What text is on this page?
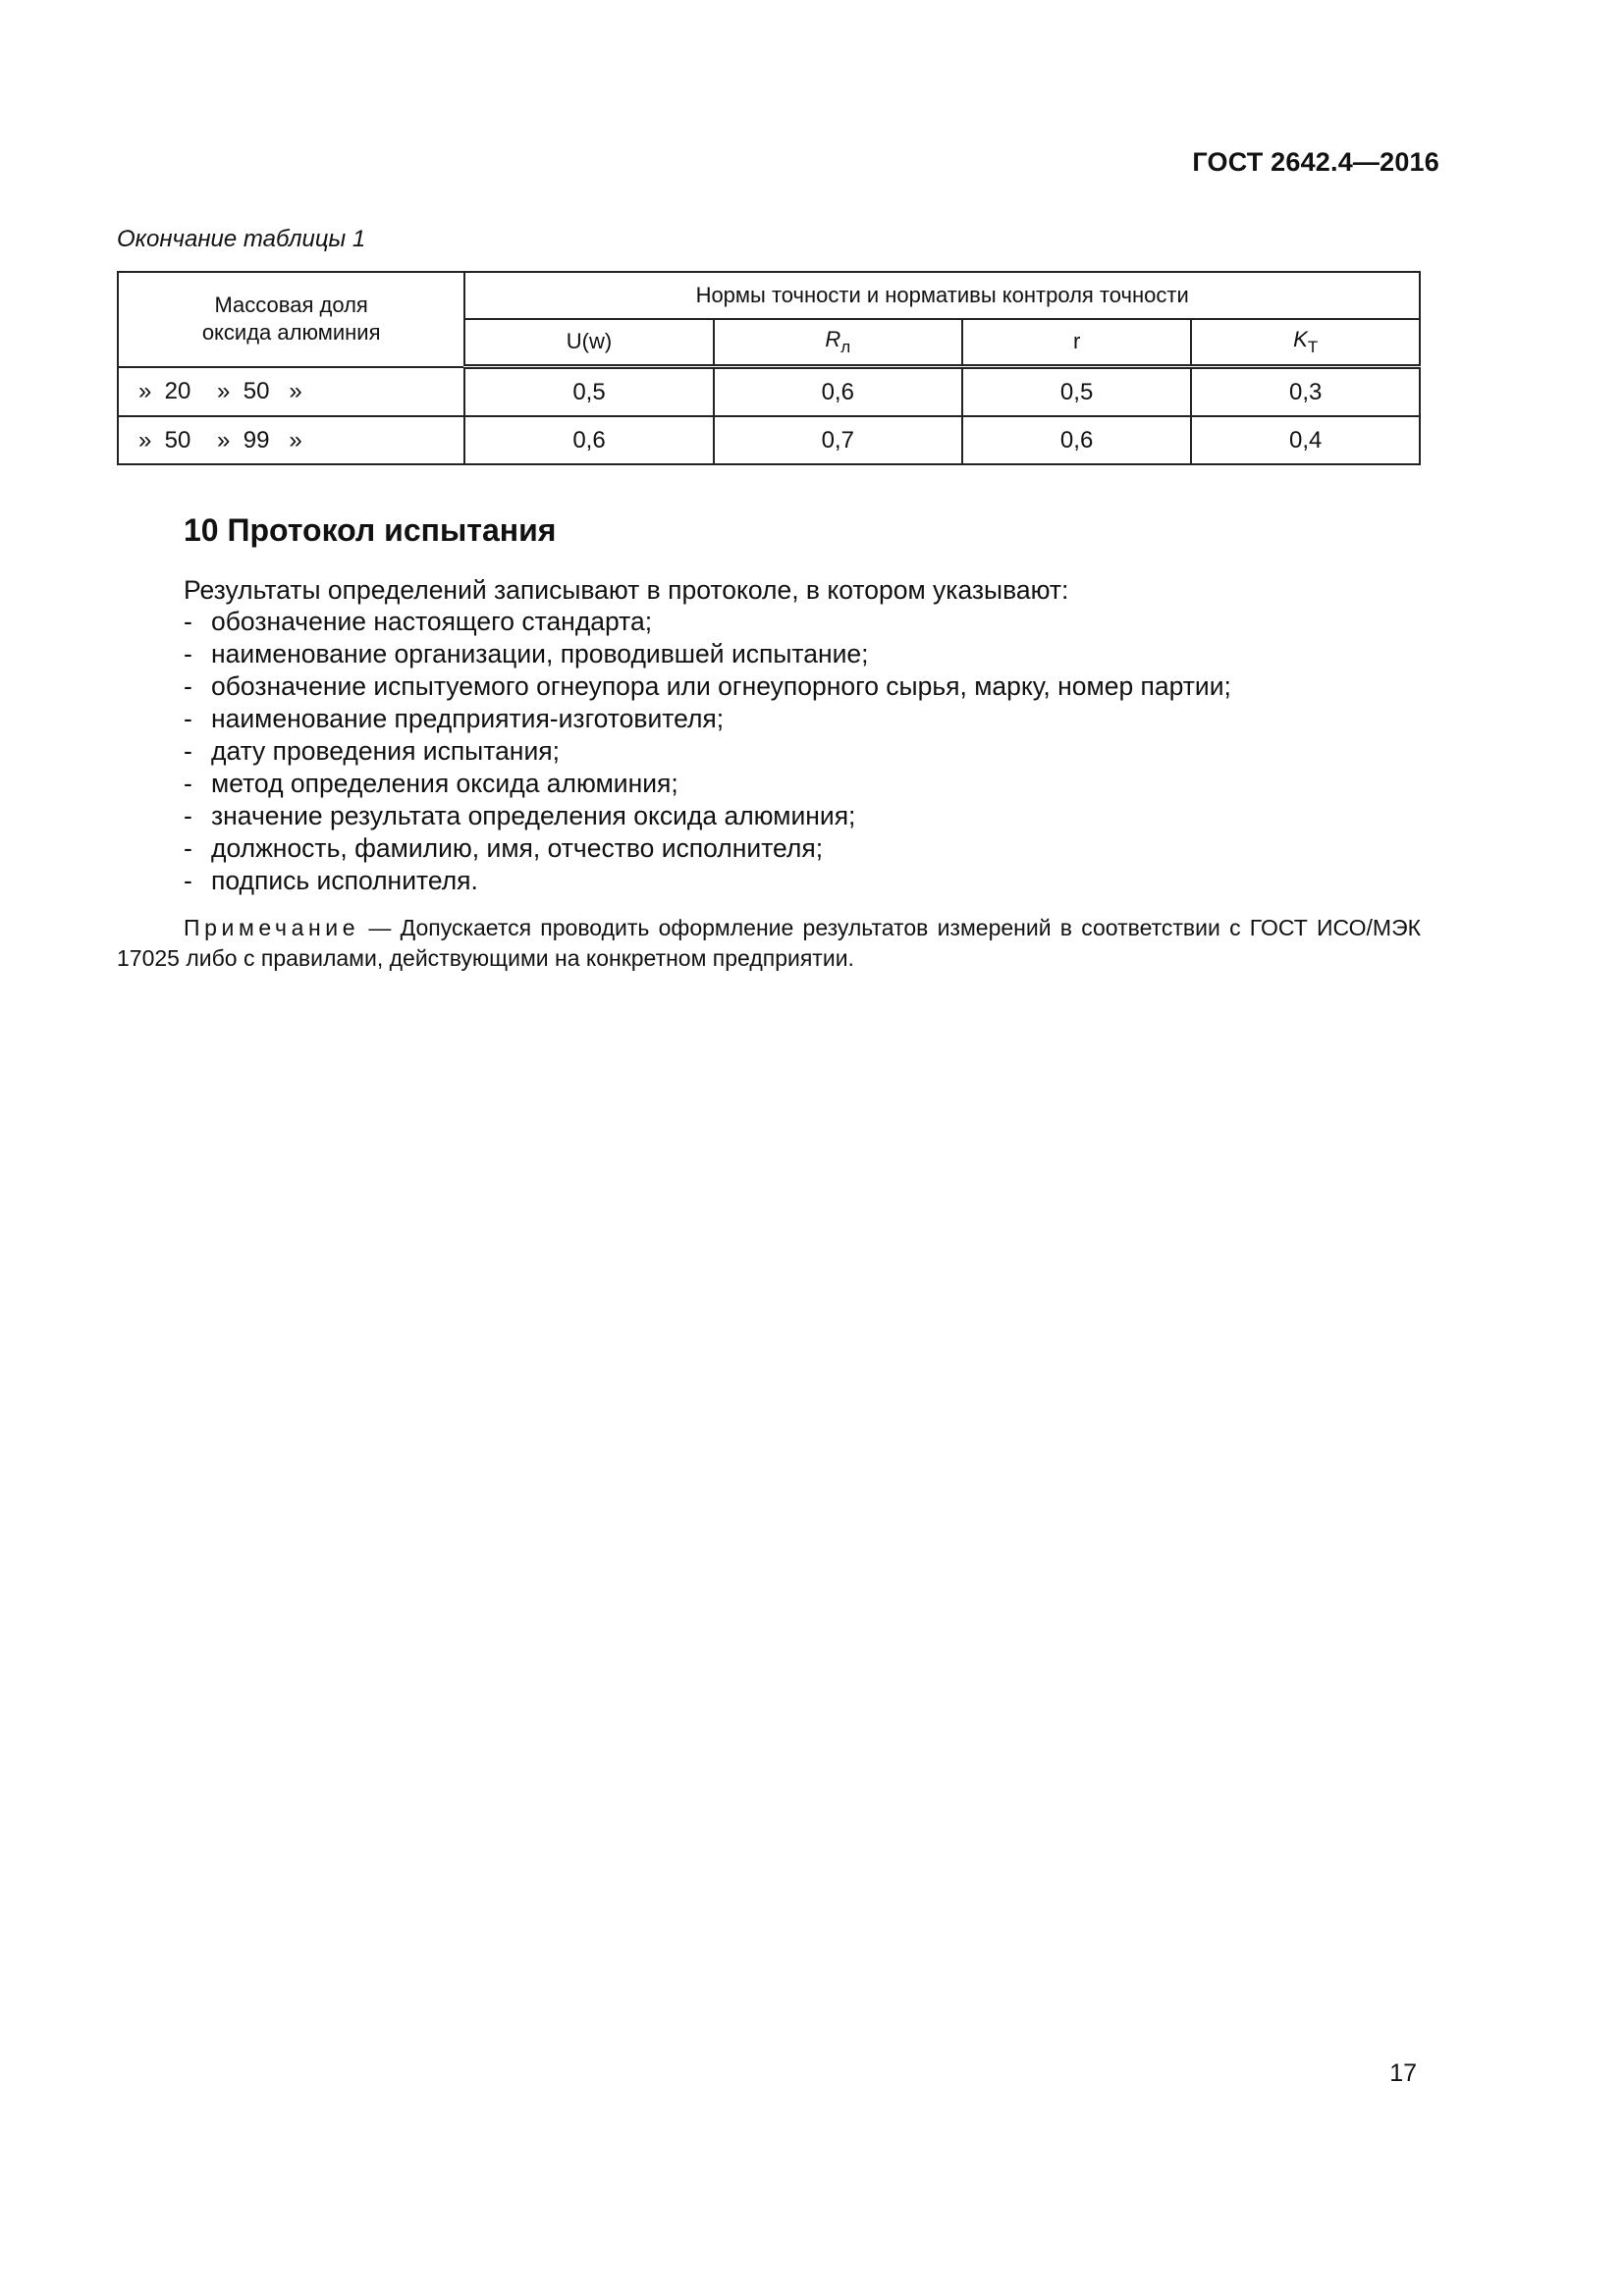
ГОСТ 2642.4—2016
Окончание таблицы 1
Массовая доля
оксида алюминия	Нормы точности и нормативы контроля точности			
	U(w)	$R_л$	r	$K_Т$
»  20    »  50   »	0,5	0,6	0,5	0,3
»  50    »  99   »	0,6	0,7	0,6	0,4
10 Протокол испытания
Результаты определений записывают в протоколе, в котором указывают:
- обозначение настоящего стандарта;
- наименование организации, проводившей испытание;
- обозначение испытуемого огнеупора или огнеупорного сырья, марку, номер партии;
- наименование предприятия-изготовителя;
- дату проведения испытания;
- метод определения оксида алюминия;
- значение результата определения оксида алюминия;
- должность, фамилию, имя, отчество исполнителя;
- подпись исполнителя.
Примечание — Допускается проводить оформление результатов измерений в соответствии с ГОСТ ИСО/МЭК 17025 либо с правилами, действующими на конкретном предприятии.
17
